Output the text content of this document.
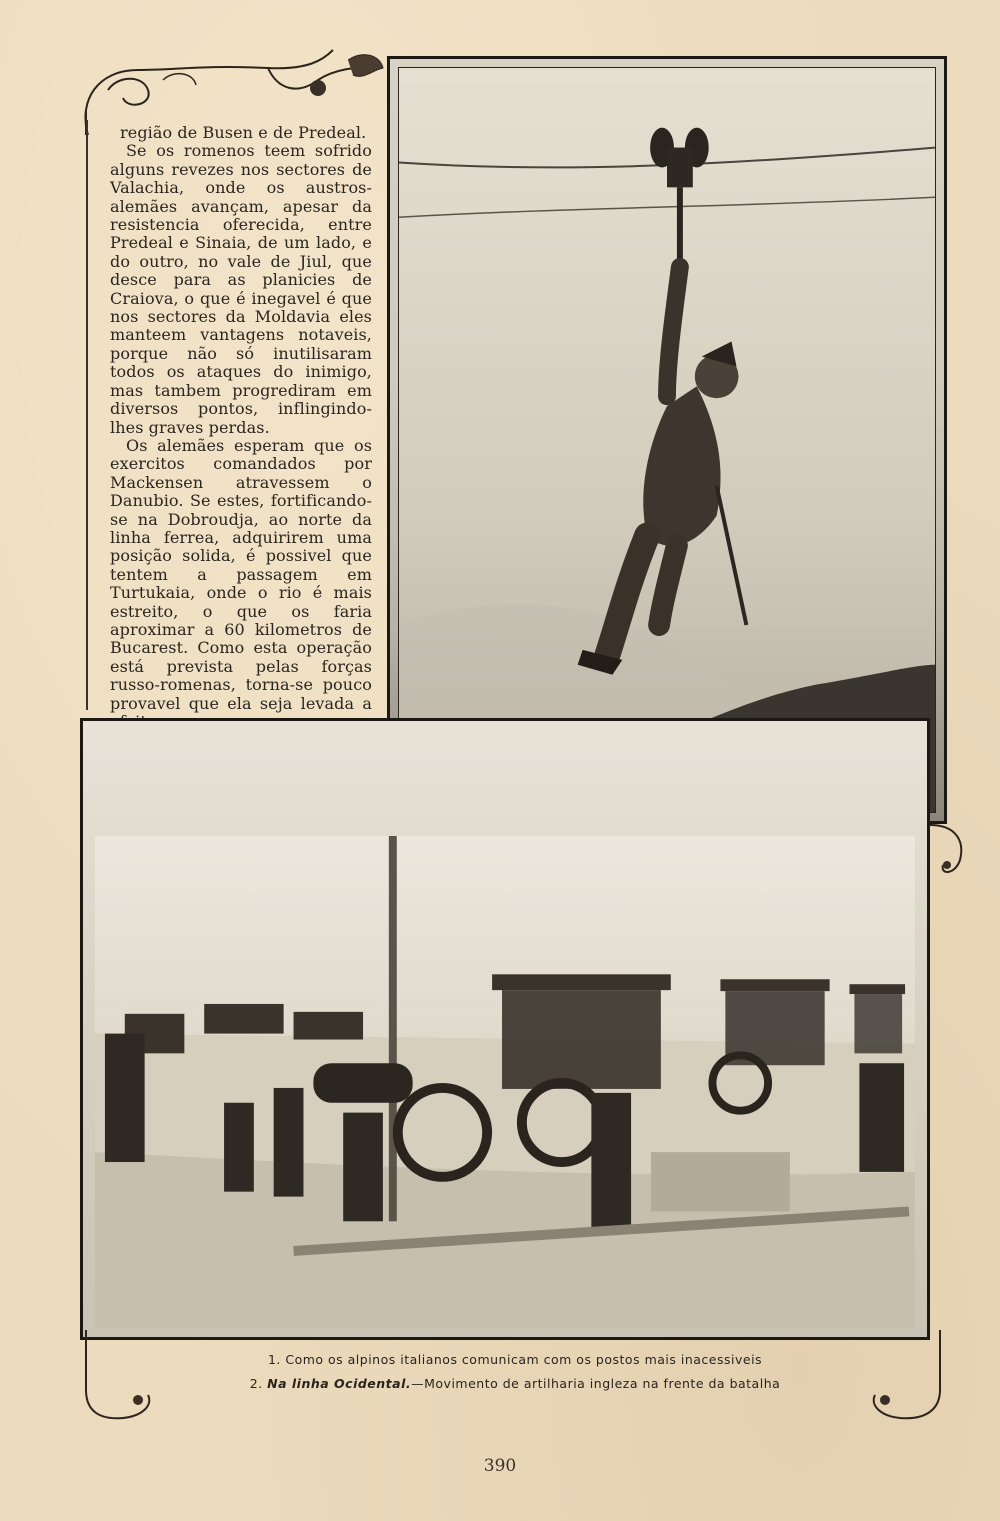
região de Busen e de Predeal.

Se os romenos teem sofrido alguns revezes nos sectores de Valachia, onde os austros-alemães avançam, apesar da resistencia oferecida, entre Predeal e Sinaia, de um lado, e do outro, no vale de Jiul, que desce para as planicies de Craiova, o que é inegavel é que nos sectores da Moldavia eles manteem vantagens notaveis, porque não só inutilisaram todos os ataques do inimigo, mas tambem progrediram em diversos pontos, inflingindo-lhes graves perdas.

Os alemães esperam que os exercitos comandados por Mackensen atravessem o Danubio. Se estes, fortificando-se na Dobroudja, ao norte da linha ferrea, adquirirem uma posição solida, é possivel que tentem a passagem em Turtukaia, onde o rio é mais estreito, o que os faria aproximar a 60 kilometros de Bucarest. Como esta operação está prevista pelas forças russo-romenas, torna-se pouco provavel que ela seja levada a

1. Como os alpinos italianos comunicam com os postos mais inacessiveis
2. Na linha Ocidental.—Movimento de artilharia ingleza na frente da batalha
390
